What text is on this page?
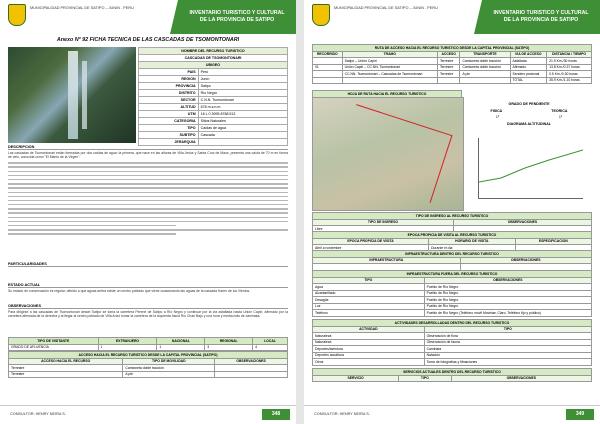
MUNICIPALIDAD PROVINCIAL DE SATIPO – JUNIN - PERU
INVENTARIO TURISTICO Y CULTURAL
DE LA PROVINCIA DE SATIPO
Anexo Nº 92 FICHA TECNICA DE LAS CASCADAS DE TSOMONTONARI
NOMBRE DEL RECURSO TURISTICO	
CASCADAS DE TSOMONTONARI	
UBIGEO	
PAIS	Perú
REGION	Junín
PROVINCIA	Satipo
DISTRITO	Río Negro
SECTOR	C.N.N. Tsomontonari
ALTITUD	678 m.s.n.m.
UTM	18 L 0 3995 8788 513
CATEGORIA	Sitios Naturales
TIPO	Caídas de agua
SUBTIPO	Cascada
JERARQUIA	
DESCRIPCION
Las cascadas de Tsomontonari están formadas por dos caídas de agua: la primera, que nace en las alturas de Villa Jesús y Santa Cruz de Maos, presenta una caída de 70 m en forma de velo, conocida como "El Manto de la Virgen".
PARTICULARIDADES
ESTADO ACTUAL
Su estado de conservación es regular, debido a que aguas arriba existe un centro poblado que viene ocasionando las aguas de la cascada Karen de los Vientos.
OBSERVACIONES
Para dirigirse a las cascadas de Tsomontonari desde Satipo se toma la carretera Perené de Satipo a Río Negro y continuar por la via asfaltada hasta Unión Capiri, afirmado por la carretera afirmada de la derecha y al llegar al centro poblado de Villa Arizó tomar la carretera de la izquierda hacia Río Chari Bajo y una hora y media más de caminata.
TIPO DE VISITANTE	EXTRANJERO	NACIONAL	REGIONAL	LOCAL
GRADO DE AFLUENCIA	1	1	3	4
ACCESO HACIA EL RECURSO TURISTICO DESDE LA CAPITAL PROVINCIAL (SATIPO)		
ACCESO HACIA EL RECURSO	TIPO DE MOVILIDAD	OBSERVACIONES
Terrestre	Camioneta doble tracción	
Terrestre	A pie	
CONSULTOR: HENRY NEIRA S.	348
MUNICIPALIDAD PROVINCIAL DE SATIPO – JUNIN - PERU
INVENTARIO TURISTICO Y CULTURAL
DE LA PROVINCIA DE SATIPO
RUTA DE ACCESO HACIA EL RECURSO TURISTICO DESDE LA CAPITAL PROVINCIAL (SATIPO)					
RECORRIDO	TRAMO	ACCESO	TRANSPORTE	VIA DE ACCESO	DISTANCIA / TIEMPO
	Satipo – Unión Capiri	Terrestre	Camioneta doble tracción	Asfaltada	21.9 Km./30 horas
01	Unión Capiri – CC.NN. Tsomontonari	Terrestre	Camioneta doble tracción	Afirmado	13.8 Km./0.37 horas
	CC.NN. Tsomontonari – Cascadas de Tsomontonari	Terrestre	A pie	Sendero peatonal	0.5 Km./0.30 horas
				TOTAL	35.9 Km./1.10 horas
HOJA DE RUTA HACIA EL RECURSO TURISTICO
GRADO DE PENDIENTE
FISICA	TEORICA
1º	1º
DIAGRAMA ALTITUDINAL
TIPO DE INGRESO AL RECURSO TURISTICO	
TIPO DE INGRESO	OBSERVACIONES
Libre	
EPOCA PROPICIA DE VISITA AL RECURSO TURISTICO		
EPOCA PROPICIA DE VISITA	HORARIO DE VISITA	ESPECIFICACION
Abril a noviembre	Durante el día	
INFRAESTRUCTURA DENTRO DEL RECURSO TURISTICO	
INFRAESTRUCTURA	OBSERVACIONES

INFRAESTRUCTURA FUERA DEL RECURSO TURISTICO	
TIPO	OBSERVACIONES
Agua	Pueblo de Río Negro
Alcantarillado	Pueblo de Río Negro
Desagüe	Pueblo de Río Negro
Luz	Pueblo de Río Negro
Teléfono	Pueblo de Río Negro (Teléfono móvil Movistar, Claro, Teléfono fijo y público)
ACTIVIDADES DESARROLLADAS DENTRO DEL RECURSO TURISTICO	
ACTIVIDAD	TIPO
Naturaleza	Observación de flora
Naturaleza	Observación de fauna
Deportes/aventura	Caminata
Deportes acuáticos	Natación
Otros	Toma de fotografías y filmaciones
SERVICIOS ACTUALES DENTRO DEL RECURSO TURISTICO
SERVICIO	TIPO	OBSERVACIONES
CONSULTOR: HENRY NEIRA S.	349
